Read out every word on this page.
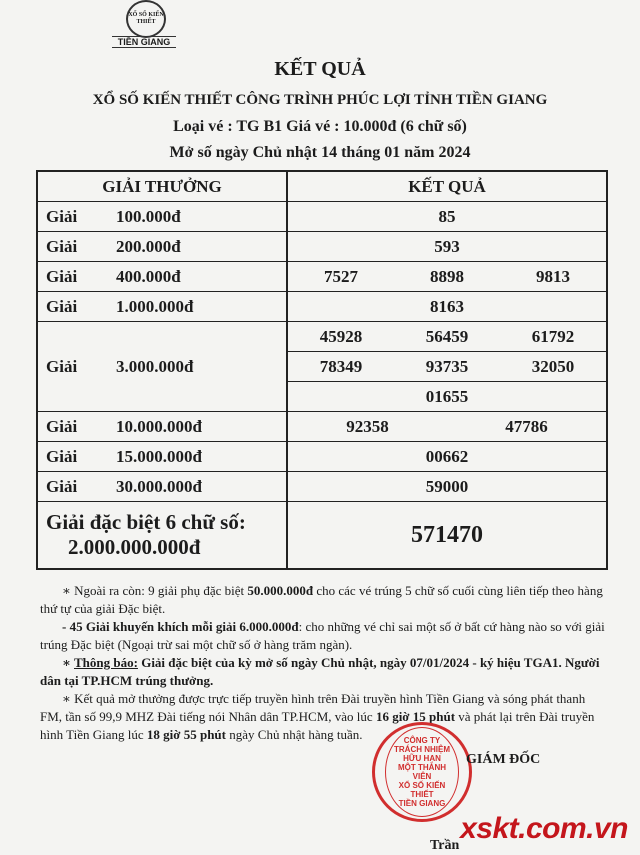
XỔ SỐ KIẾN THIẾT
TIỀN GIANG
KẾT QUẢ
XỔ SỐ KIẾN THIẾT CÔNG TRÌNH PHÚC LỢI TỈNH TIỀN GIANG
Loại vé : TG B1 Giá vé : 10.000đ (6 chữ số)
Mở số ngày Chủ nhật 14 tháng 01 năm 2024
GIẢI THƯỞNG	KẾT QUẢ
Giải	100.000đ	85
Giải	200.000đ	593
Giải	400.000đ	7527	8898	9813
Giải	1.000.000đ	8163
Giải	3.000.000đ
45928	56459	61792
78349	93735	32050
01655
Giải	10.000.000đ	92358	47786
Giải	15.000.000đ	00662
Giải	30.000.000đ	59000
Giải đặc biệt 6 chữ số:
2.000.000.000đ	571470

∗ Ngoài ra còn: 9 giải phụ đặc biệt 50.000.000đ cho các vé trúng 5 chữ số cuối cùng liên tiếp theo hàng thứ tự của giải Đặc biệt.

- 45 Giải khuyến khích mỗi giải 6.000.000đ: cho những vé chỉ sai một số ở bất cứ hàng nào so với giải trúng Đặc biệt (Ngoại trừ sai một chữ số ở hàng trăm ngàn).

∗ Thông báo: Giải đặc biệt của kỳ mở số ngày Chủ nhật, ngày 07/01/2024 - ký hiệu TGA1. Người dân tại TP.HCM trúng thưởng.

∗ Kết quả mở thưởng được trực tiếp truyền hình trên Đài truyền hình Tiền Giang và sóng phát thanh FM, tần số 99,9 MHZ Đài tiếng nói Nhân dân TP.HCM, vào lúc 16 giờ 15 phút và phát lại trên Đài truyền hình Tiền Giang lúc 18 giờ 55 phút ngày Chủ nhật hàng tuần.	CÔNG TY
TRÁCH NHIỆM HỮU HẠN
MỘT THÀNH VIÊN
XỔ SỐ KIẾN THIẾT
TIỀN GIANG
GIÁM ĐỐC
Trần
xskt.com.vn
